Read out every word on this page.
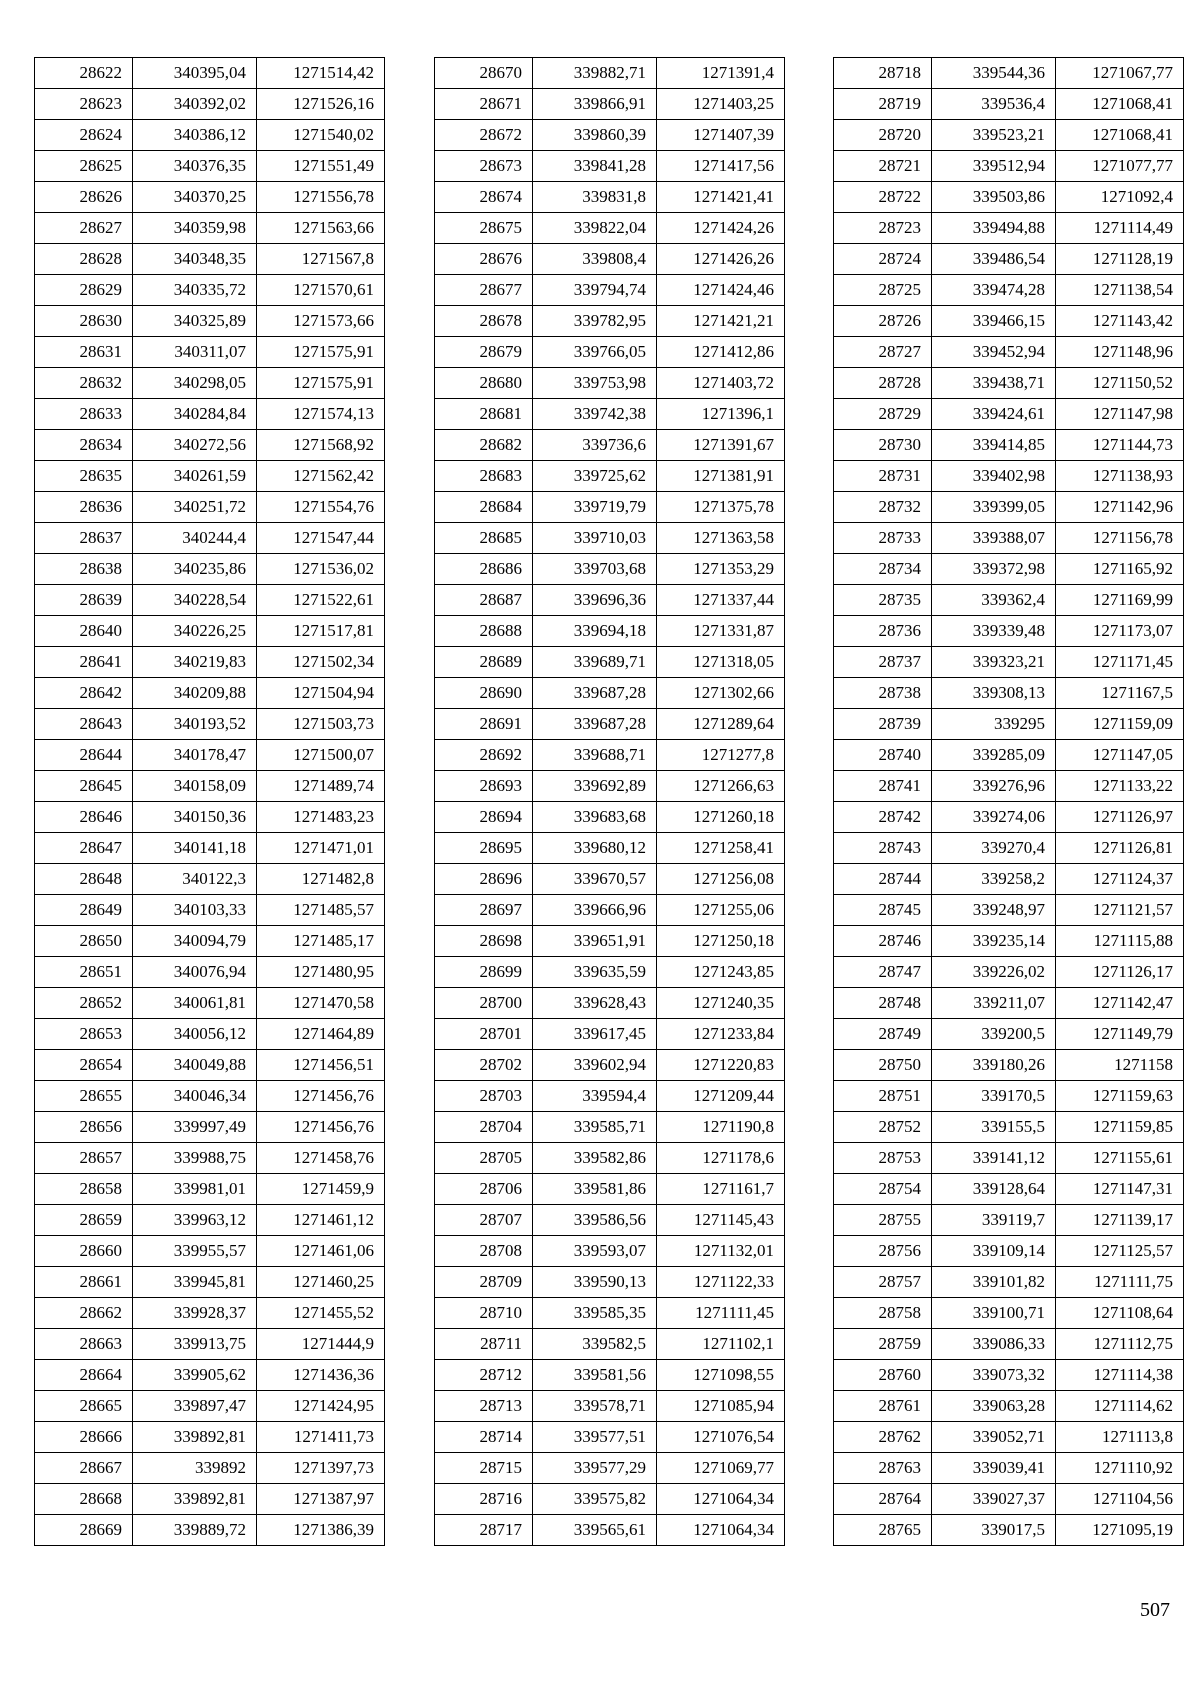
28622	340395,04	1271514,42
28623	340392,02	1271526,16
28624	340386,12	1271540,02
28625	340376,35	1271551,49
28626	340370,25	1271556,78
28627	340359,98	1271563,66
28628	340348,35	1271567,8
28629	340335,72	1271570,61
28630	340325,89	1271573,66
28631	340311,07	1271575,91
28632	340298,05	1271575,91
28633	340284,84	1271574,13
28634	340272,56	1271568,92
28635	340261,59	1271562,42
28636	340251,72	1271554,76
28637	340244,4	1271547,44
28638	340235,86	1271536,02
28639	340228,54	1271522,61
28640	340226,25	1271517,81
28641	340219,83	1271502,34
28642	340209,88	1271504,94
28643	340193,52	1271503,73
28644	340178,47	1271500,07
28645	340158,09	1271489,74
28646	340150,36	1271483,23
28647	340141,18	1271471,01
28648	340122,3	1271482,8
28649	340103,33	1271485,57
28650	340094,79	1271485,17
28651	340076,94	1271480,95
28652	340061,81	1271470,58
28653	340056,12	1271464,89
28654	340049,88	1271456,51
28655	340046,34	1271456,76
28656	339997,49	1271456,76
28657	339988,75	1271458,76
28658	339981,01	1271459,9
28659	339963,12	1271461,12
28660	339955,57	1271461,06
28661	339945,81	1271460,25
28662	339928,37	1271455,52
28663	339913,75	1271444,9
28664	339905,62	1271436,36
28665	339897,47	1271424,95
28666	339892,81	1271411,73
28667	339892	1271397,73
28668	339892,81	1271387,97
28669	339889,72	1271386,39
28670	339882,71	1271391,4
28671	339866,91	1271403,25
28672	339860,39	1271407,39
28673	339841,28	1271417,56
28674	339831,8	1271421,41
28675	339822,04	1271424,26
28676	339808,4	1271426,26
28677	339794,74	1271424,46
28678	339782,95	1271421,21
28679	339766,05	1271412,86
28680	339753,98	1271403,72
28681	339742,38	1271396,1
28682	339736,6	1271391,67
28683	339725,62	1271381,91
28684	339719,79	1271375,78
28685	339710,03	1271363,58
28686	339703,68	1271353,29
28687	339696,36	1271337,44
28688	339694,18	1271331,87
28689	339689,71	1271318,05
28690	339687,28	1271302,66
28691	339687,28	1271289,64
28692	339688,71	1271277,8
28693	339692,89	1271266,63
28694	339683,68	1271260,18
28695	339680,12	1271258,41
28696	339670,57	1271256,08
28697	339666,96	1271255,06
28698	339651,91	1271250,18
28699	339635,59	1271243,85
28700	339628,43	1271240,35
28701	339617,45	1271233,84
28702	339602,94	1271220,83
28703	339594,4	1271209,44
28704	339585,71	1271190,8
28705	339582,86	1271178,6
28706	339581,86	1271161,7
28707	339586,56	1271145,43
28708	339593,07	1271132,01
28709	339590,13	1271122,33
28710	339585,35	1271111,45
28711	339582,5	1271102,1
28712	339581,56	1271098,55
28713	339578,71	1271085,94
28714	339577,51	1271076,54
28715	339577,29	1271069,77
28716	339575,82	1271064,34
28717	339565,61	1271064,34
28718	339544,36	1271067,77
28719	339536,4	1271068,41
28720	339523,21	1271068,41
28721	339512,94	1271077,77
28722	339503,86	1271092,4
28723	339494,88	1271114,49
28724	339486,54	1271128,19
28725	339474,28	1271138,54
28726	339466,15	1271143,42
28727	339452,94	1271148,96
28728	339438,71	1271150,52
28729	339424,61	1271147,98
28730	339414,85	1271144,73
28731	339402,98	1271138,93
28732	339399,05	1271142,96
28733	339388,07	1271156,78
28734	339372,98	1271165,92
28735	339362,4	1271169,99
28736	339339,48	1271173,07
28737	339323,21	1271171,45
28738	339308,13	1271167,5
28739	339295	1271159,09
28740	339285,09	1271147,05
28741	339276,96	1271133,22
28742	339274,06	1271126,97
28743	339270,4	1271126,81
28744	339258,2	1271124,37
28745	339248,97	1271121,57
28746	339235,14	1271115,88
28747	339226,02	1271126,17
28748	339211,07	1271142,47
28749	339200,5	1271149,79
28750	339180,26	1271158
28751	339170,5	1271159,63
28752	339155,5	1271159,85
28753	339141,12	1271155,61
28754	339128,64	1271147,31
28755	339119,7	1271139,17
28756	339109,14	1271125,57
28757	339101,82	1271111,75
28758	339100,71	1271108,64
28759	339086,33	1271112,75
28760	339073,32	1271114,38
28761	339063,28	1271114,62
28762	339052,71	1271113,8
28763	339039,41	1271110,92
28764	339027,37	1271104,56
28765	339017,5	1271095,19
507
